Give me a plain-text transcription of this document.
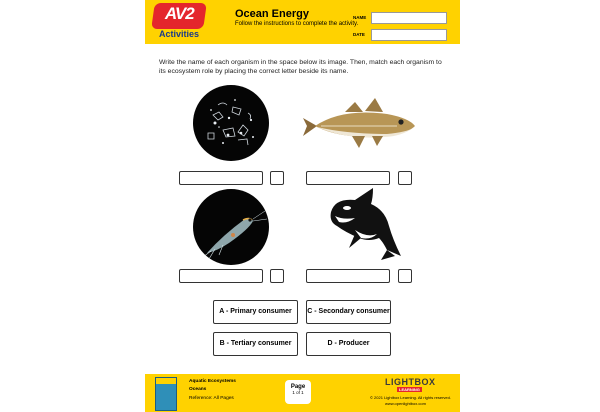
AV2
Activities
Ocean Energy
Follow the instructions to complete the activity.
NAME
DATE
Write the name of each organism in the space below its image. Then, match each organism to its ecosystem role by placing the correct letter beside its name.
A - Primary consumer	C - Secondary consumer
B - Tertiary consumer	D - Producer
Aquatic Ecosystems
Oceans
Reference: All Pages
Page
1 of 1
LIGHTBOX
LEARNING
© 2021 Lightbox Learning. All rights reserved.
www.openlightbox.com
